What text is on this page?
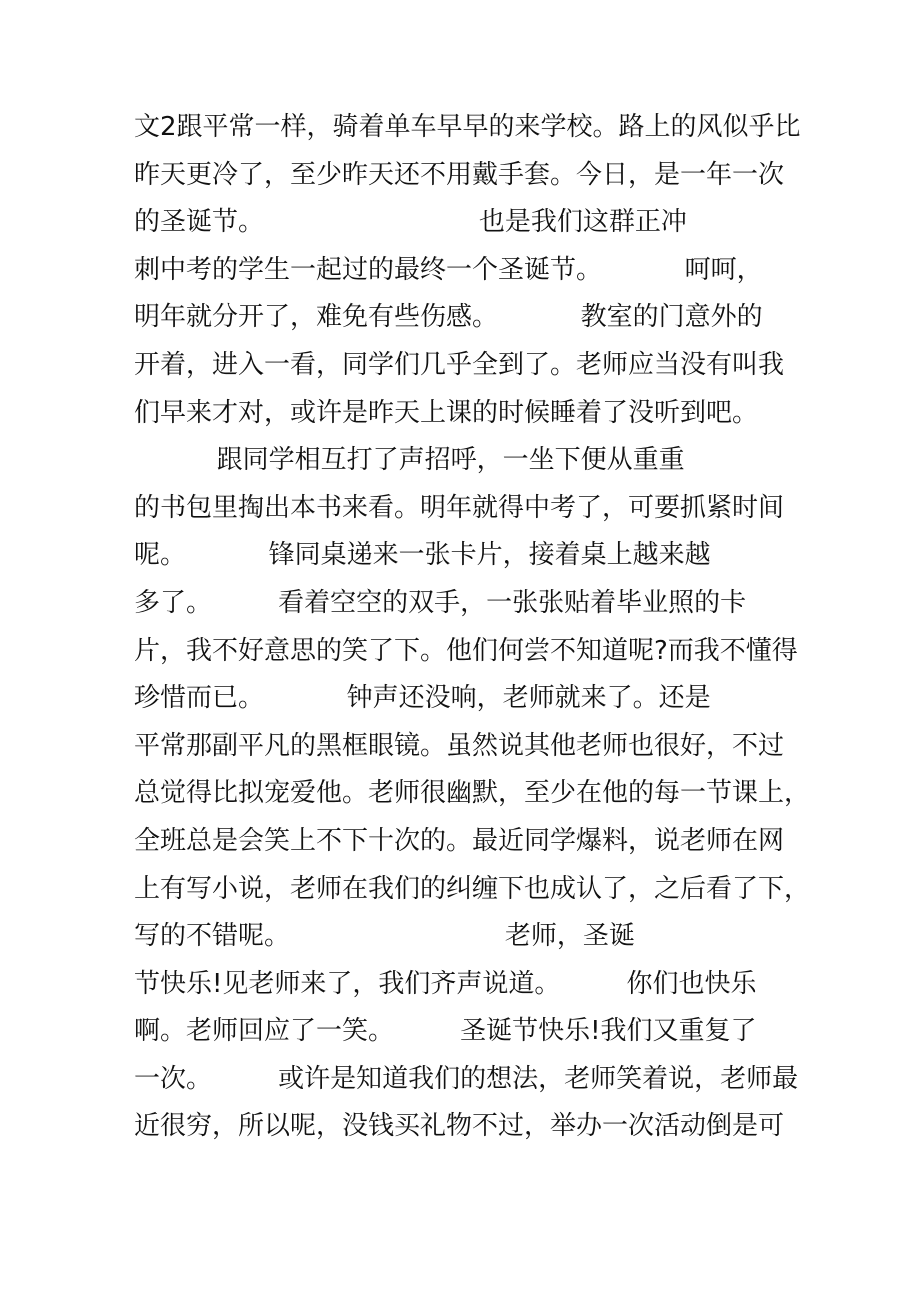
文2跟平常一样，骑着单车早早的来学校。路上的风似乎比
昨天更冷了，至少昨天还不用戴手套。今日，是一年一次
的圣诞节。                          也是我们这群正冲
刺中考的学生一起过的最终一个圣诞节。          呵呵，
明年就分开了，难免有些伤感。          教室的门意外的
开着，进入一看，同学们几乎全到了。老师应当没有叫我
们早来才对，或许是昨天上课的时候睡着了没听到吧。
跟同学相互打了声招呼，一坐下便从重重
的书包里掏出本书来看。明年就得中考了，可要抓紧时间
呢。          锋同桌递来一张卡片，接着桌上越来越
多了。        看着空空的双手，一张张贴着毕业照的卡
片，我不好意思的笑了下。他们何尝不知道呢?而我不懂得
珍惜而已。          钟声还没响，老师就来了。还是
平常那副平凡的黑框眼镜。虽然说其他老师也很好，不过
总觉得比拟宠爱他。老师很幽默，至少在他的每一节课上，
全班总是会笑上不下十次的。最近同学爆料，说老师在网
上有写小说，老师在我们的纠缠下也成认了，之后看了下，
写的不错呢。                          老师，圣诞
节快乐!见老师来了，我们齐声说道。        你们也快乐
啊。老师回应了一笑。        圣诞节快乐!我们又重复了
一次。        或许是知道我们的想法，老师笑着说，老师最
近很穷，所以呢，没钱买礼物不过，举办一次活动倒是可
